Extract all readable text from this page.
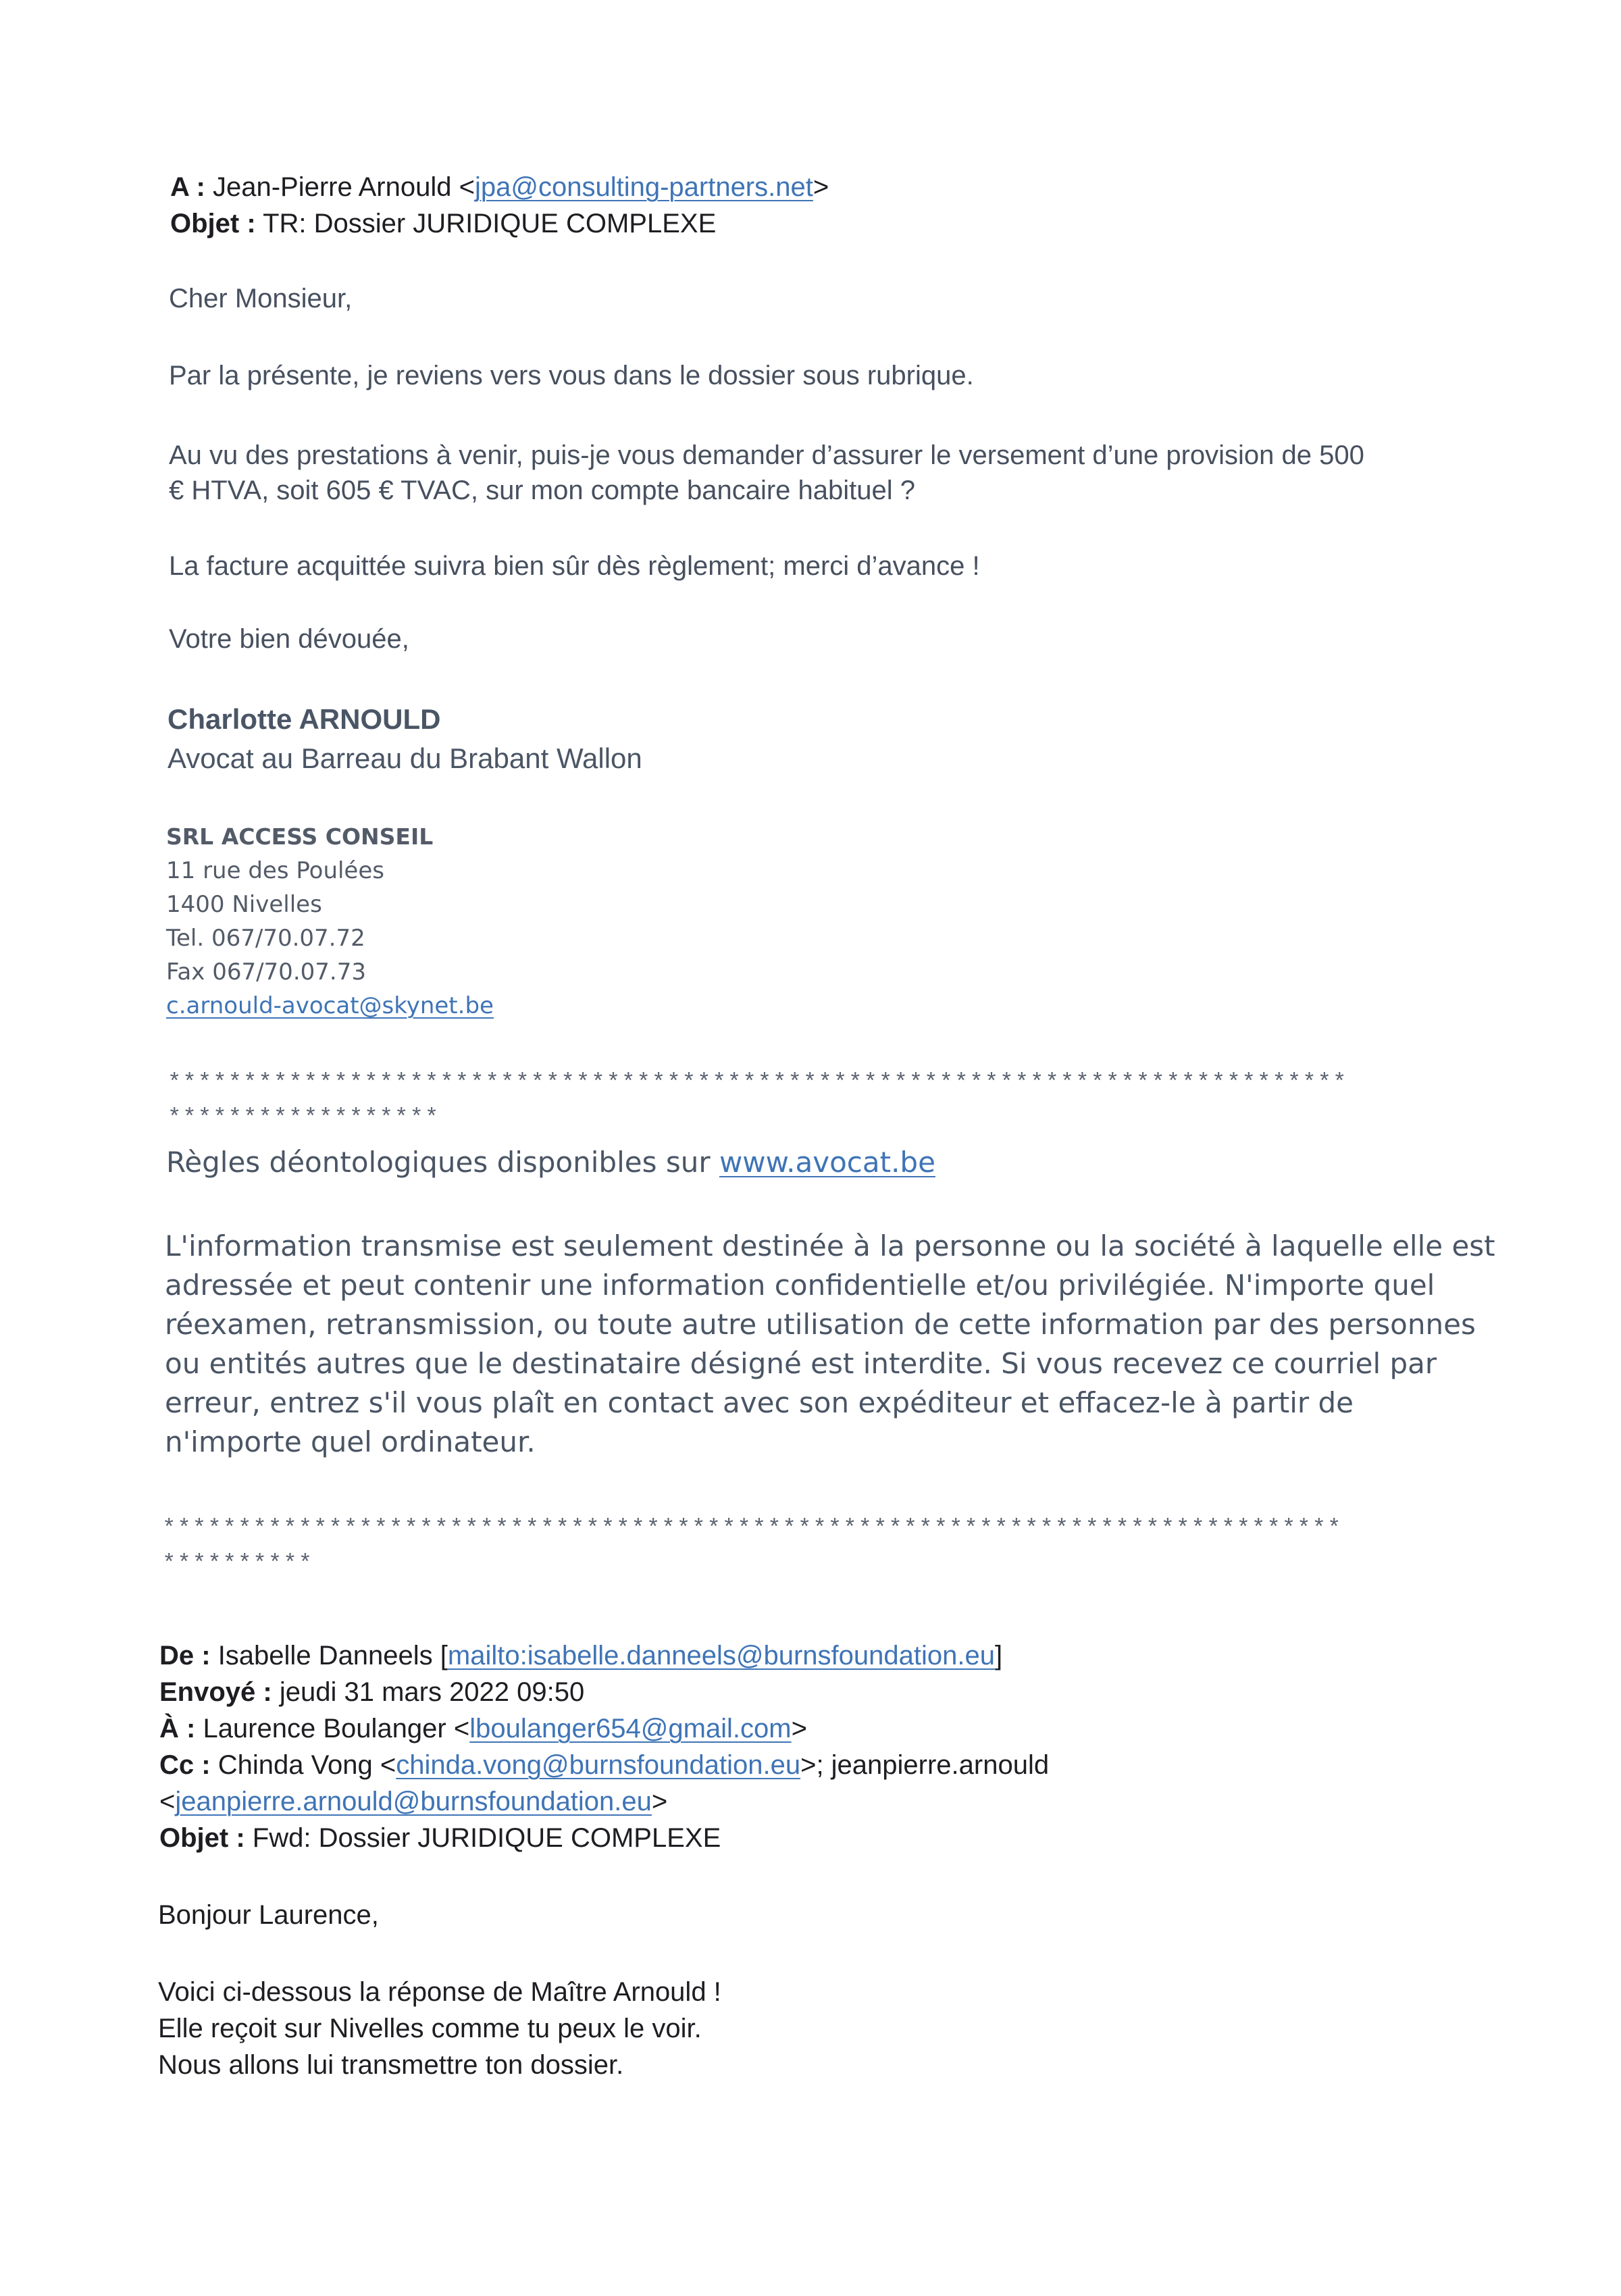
A : Jean-Pierre Arnould <jpa@consulting-partners.net>
Objet : TR: Dossier JURIDIQUE COMPLEXE
Cher Monsieur,
Par la présente, je reviens vers vous dans le dossier sous rubrique.
Au vu des prestations à venir, puis-je vous demander d’assurer le versement d’une provision de 500
€ HTVA, soit 605 € TVAC, sur mon compte bancaire habituel ?
La facture acquittée suivra bien sûr dès règlement; merci d’avance !
Votre bien dévouée,
Charlotte ARNOULD
Avocat au Barreau du Brabant Wallon
SRL ACCESS CONSEIL
11 rue des Poulées
1400 Nivelles
Tel. 067/70.07.72
Fax 067/70.07.73
c.arnould-avocat@skynet.be
******************************************************************************
******************
Règles déontologiques disponibles sur www.avocat.be
L'information transmise est seulement destinée à la personne ou la société à laquelle elle est
adressée et peut contenir une information confidentielle et/ou privilégiée. N'importe quel
réexamen, retransmission, ou toute autre utilisation de cette information par des personnes
ou entités autres que le destinataire désigné est interdite. Si vous recevez ce courriel par
erreur, entrez s'il vous plaît en contact avec son expéditeur et effacez-le à partir de
n'importe quel ordinateur.
******************************************************************************
**********
De : Isabelle Danneels [mailto:isabelle.danneels@burnsfoundation.eu]
Envoyé : jeudi 31 mars 2022 09:50
À : Laurence Boulanger <lboulanger654@gmail.com>
Cc : Chinda Vong <chinda.vong@burnsfoundation.eu>; jeanpierre.arnould
<jeanpierre.arnould@burnsfoundation.eu>
Objet : Fwd: Dossier JURIDIQUE COMPLEXE
Bonjour Laurence,
Voici ci-dessous la réponse de Maître Arnould !
Elle reçoit sur Nivelles comme tu peux le voir.
Nous allons lui transmettre ton dossier.
